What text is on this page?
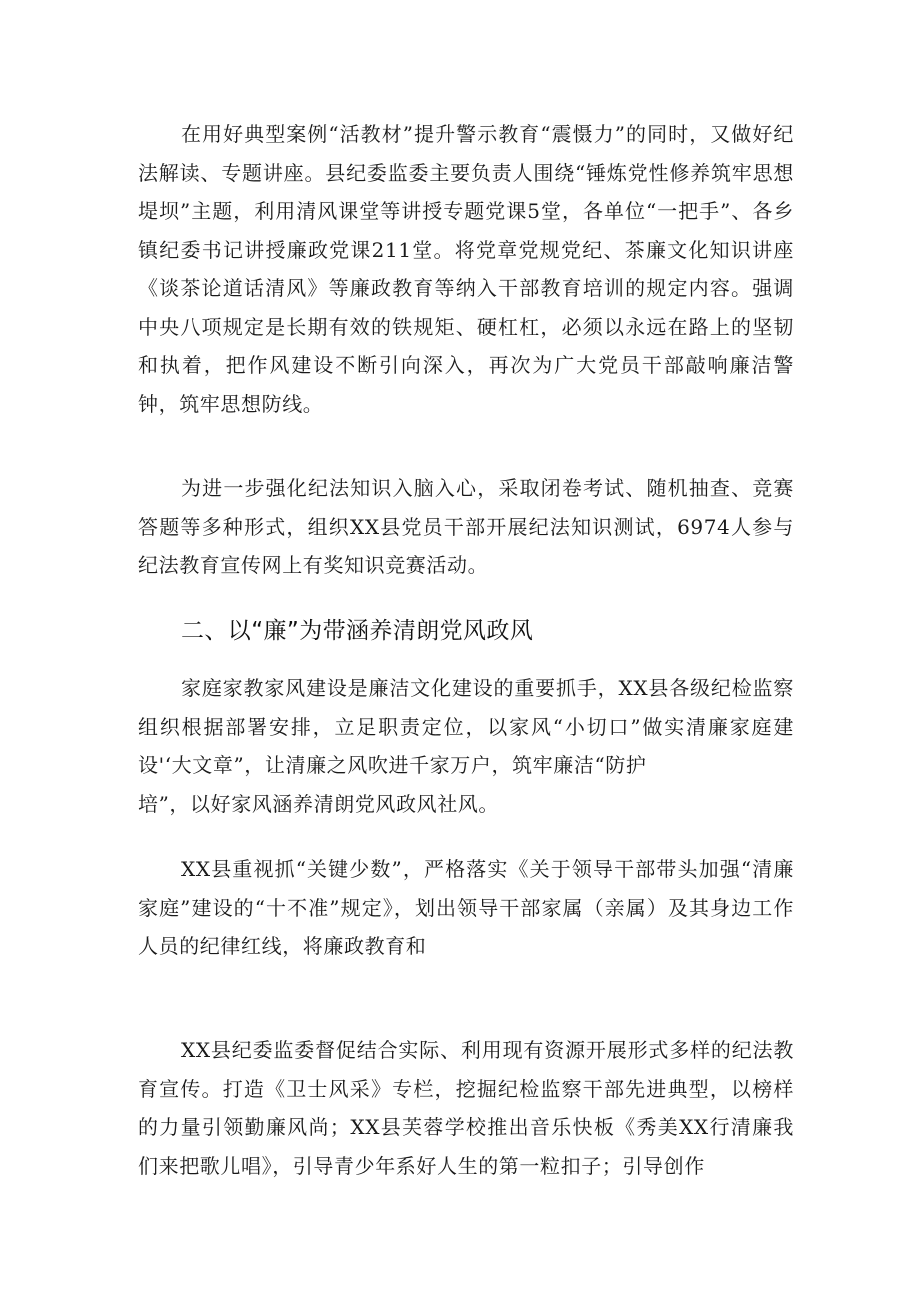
在用好典型案例“活教材”提升警示教育“震慑力”的同时，又做好纪法解读、专题讲座。县纪委监委主要负责人围绕“锤炼党性修养筑牢思想堤坝”主题，利用清风课堂等讲授专题党课5堂，各单位“一把手”、各乡镇纪委书记讲授廉政党课211堂。将党章党规党纪、茶廉文化知识讲座《谈茶论道话清风》等廉政教育等纳入干部教育培训的规定内容。强调中央八项规定是长期有效的铁规矩、硬杠杠，必须以永远在路上的坚韧和执着，把作风建设不断引向深入，再次为广大党员干部敲响廉洁警钟，筑牢思想防线。

为进一步强化纪法知识入脑入心，采取闭卷考试、随机抽查、竞赛答题等多种形式，组织XX县党员干部开展纪法知识测试，6974人参与纪法教育宣传网上有奖知识竞赛活动。

二、以“廉”为带涵养清朗党风政风

家庭家教家风建设是廉洁文化建设的重要抓手，XX县各级纪检监察组织根据部署安排，立足职责定位，以家风“小切口”做实清廉家庭建设'‘大文章”，让清廉之风吹进千家万户，筑牢廉洁“防护
培”，以好家风涵养清朗党风政风社风。

XX县重视抓“关键少数”，严格落实《关于领导干部带头加强“清廉家庭”建设的“十不准”规定》，划出领导干部家属（亲属）及其身边工作人员的纪律红线，将廉政教育和

XX县纪委监委督促结合实际、利用现有资源开展形式多样的纪法教育宣传。打造《卫士风采》专栏，挖掘纪检监察干部先进典型，以榜样的力量引领勤廉风尚；XX县芙蓉学校推出音乐快板《秀美XX行清廉我们来把歌儿唱》，引导青少年系好人生的第一粒扣子；引导创作
